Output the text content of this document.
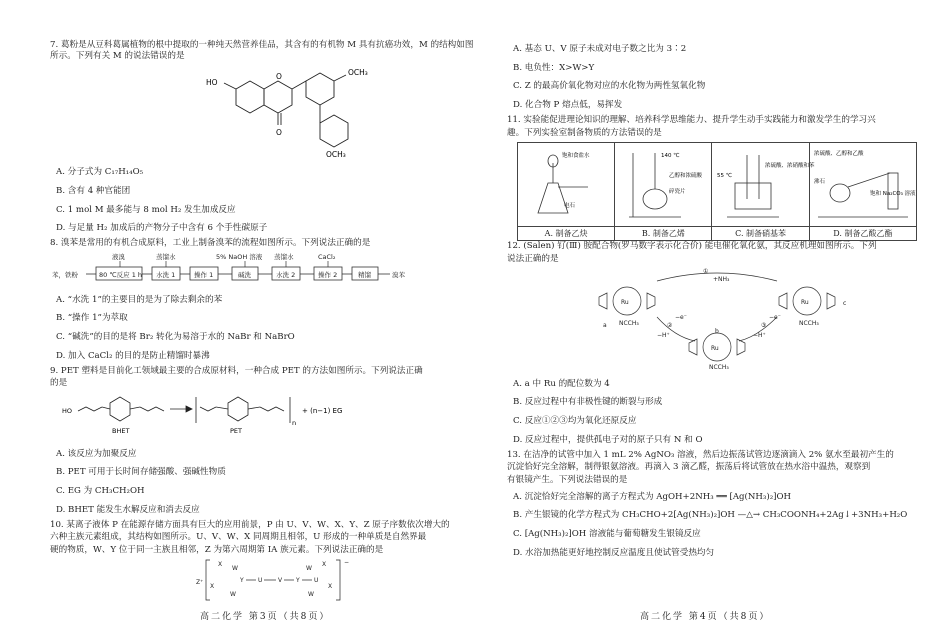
7. 葛粉是从豆科葛属植物的根中提取的一种纯天然营养佳品，其含有的有机物 M 具有抗癌功效，M 的结构如图所示。下列有关 M 的说法错误的是

HO
O
O
OCH₃
OCH₃

A. 分子式为 C₁₇H₁₄O₅

B. 含有 4 种官能团

C. 1 mol M 最多能与 8 mol H₂ 发生加成反应

D. 与足量 H₂ 加成后的产物分子中含有 6 个手性碳原子

8. 溴苯是常用的有机合成原料，工业上制备溴苯的流程如图所示。下列说法正确的是

苯，铁粉	80 ℃反应 1 h 水洗 1	操作 1	碱洗	水洗 2	操作 2	精馏	溴苯
液溴	蒸馏水	5% NaOH 溶液 蒸馏水	CaCl₂

A. “水洗 1”的主要目的是为了除去剩余的苯

B. “操作 1”为萃取

C. “碱洗”的目的是将 Br₂ 转化为易溶于水的 NaBr 和 NaBrO

D. 加入 CaCl₂ 的目的是防止精馏时暴沸

9. PET 塑料是目前化工领域最主要的合成原材料，一种合成 PET 的方法如图所示。下列说法正确

的是

HO
BHET	PET
n
+ (n−1) EG

A. 该反应为加聚反应

B. PET 可用于长时间存储强酸、强碱性物质

C. EG 为 CH₃CH₂OH

D. BHET 能发生水解反应和消去反应

10. 某离子液体 P 在能源存储方面具有巨大的应用前景，P 由 U、V、W、X、Y、Z 原子序数依次增大的

六种主族元素组成，其结构如图所示。U、V、W、X 同周期且相邻，U 形成的一种单质是自然界最

硬的物质，W、Y 位于同一主族且相邻，Z 为第六周期第 IA 族元素。下列说法正确的是

Z⁺
X
X
W
W
Y U	V Y U
W
W
X
X
−

A. 基态 U、V 原子未成对电子数之比为 3∶2

B. 电负性：X>W>Y

C. Z 的最高价氧化物对应的水化物为两性氢氧化物

D. 化合物 P 熔点低，易挥发

11. 实验能促进理论知识的理解、培养科学思维能力、提升学生动手实践能力和激发学生的学习兴

趣。下列实验室制备物质的方法错误的是

饱和食盐水
电石	140 ℃
乙醇和浓硫酸
碎瓷片	55 ℃
浓硫酸、浓硝酸和苯	浓硫酸、乙醇和乙酸
沸石
饱和 Na₂CO₃ 溶液

A. 制备乙炔	B. 制备乙烯	C. 制备硝基苯	D. 制备乙酸乙酯

12. (Salen) 钌(Ⅲ) 胺配合物(罗马数字表示化合价) 能电催化氧化氨，其反应机理如图所示。下列

说法正确的是

Ru	Ru
Ru
NCCH₃	NCCH₃
NCCH₃
a
c
b
①
+NH₃
③
−H⁺
−e⁻
②
−H⁺
−e⁻

A. a 中 Ru 的配位数为 4

B. 反应过程中有非极性键的断裂与形成

C. 反应①②③均为氧化还原反应

D. 反应过程中，提供孤电子对的原子只有 N 和 O

13. 在洁净的试管中加入 1 mL 2% AgNO₃ 溶液，然后边振荡试管边逐滴滴入 2% 氨水至最初产生的

沉淀恰好完全溶解，制得银氨溶液。再滴入 3 滴乙醛，振荡后将试管放在热水浴中温热，观察到

有银镜产生。下列说法错误的是

A. 沉淀恰好完全溶解的离子方程式为 AgOH+2NH₃ ══ [Ag(NH₃)₂]OH

B. 产生银镜的化学方程式为 CH₃CHO+2[Ag(NH₃)₂]OH —△→ CH₃COONH₄+2Ag↓+3NH₃+H₂O

C. [Ag(NH₃)₂]OH 溶液能与葡萄糖发生银镜反应

D. 水浴加热能更好地控制反应温度且使试管受热均匀

高二化学 第3页（共8页）	高二化学 第4页（共8页）
